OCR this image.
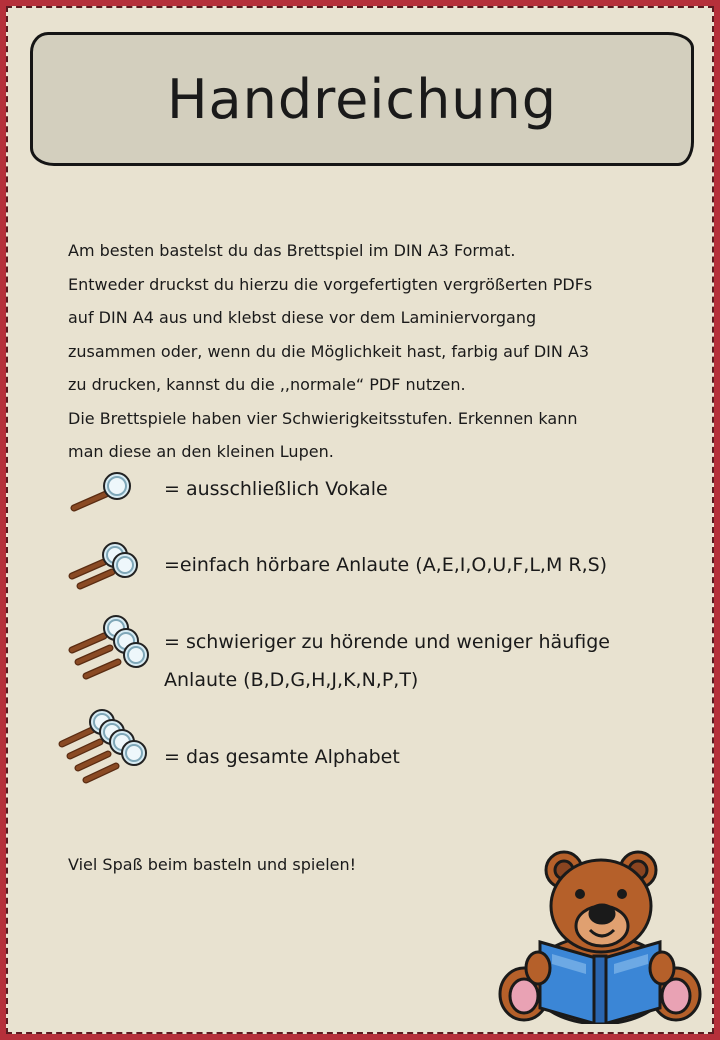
Handreichung

Am besten bastelst du das Brettspiel im DIN A3 Format.

Entweder druckst du hierzu die vorgefertigten vergrößerten PDFs

auf DIN A4 aus und klebst diese vor dem Laminiervorgang

zusammen oder, wenn du die Möglichkeit hast, farbig auf DIN A3

zu drucken, kannst du die ,,normale“ PDF nutzen.

Die Brettspiele haben vier Schwierigkeitsstufen. Erkennen kann

man diese an den kleinen Lupen.

= ausschließlich Vokale
=einfach hörbare Anlaute (A,E,I,O,U,F,L,M R,S)
= schwieriger zu hörende und weniger häufige
Anlaute (B,D,G,H,J,K,N,P,T)
= das gesamte Alphabet
Viel Spaß beim basteln und spielen!
